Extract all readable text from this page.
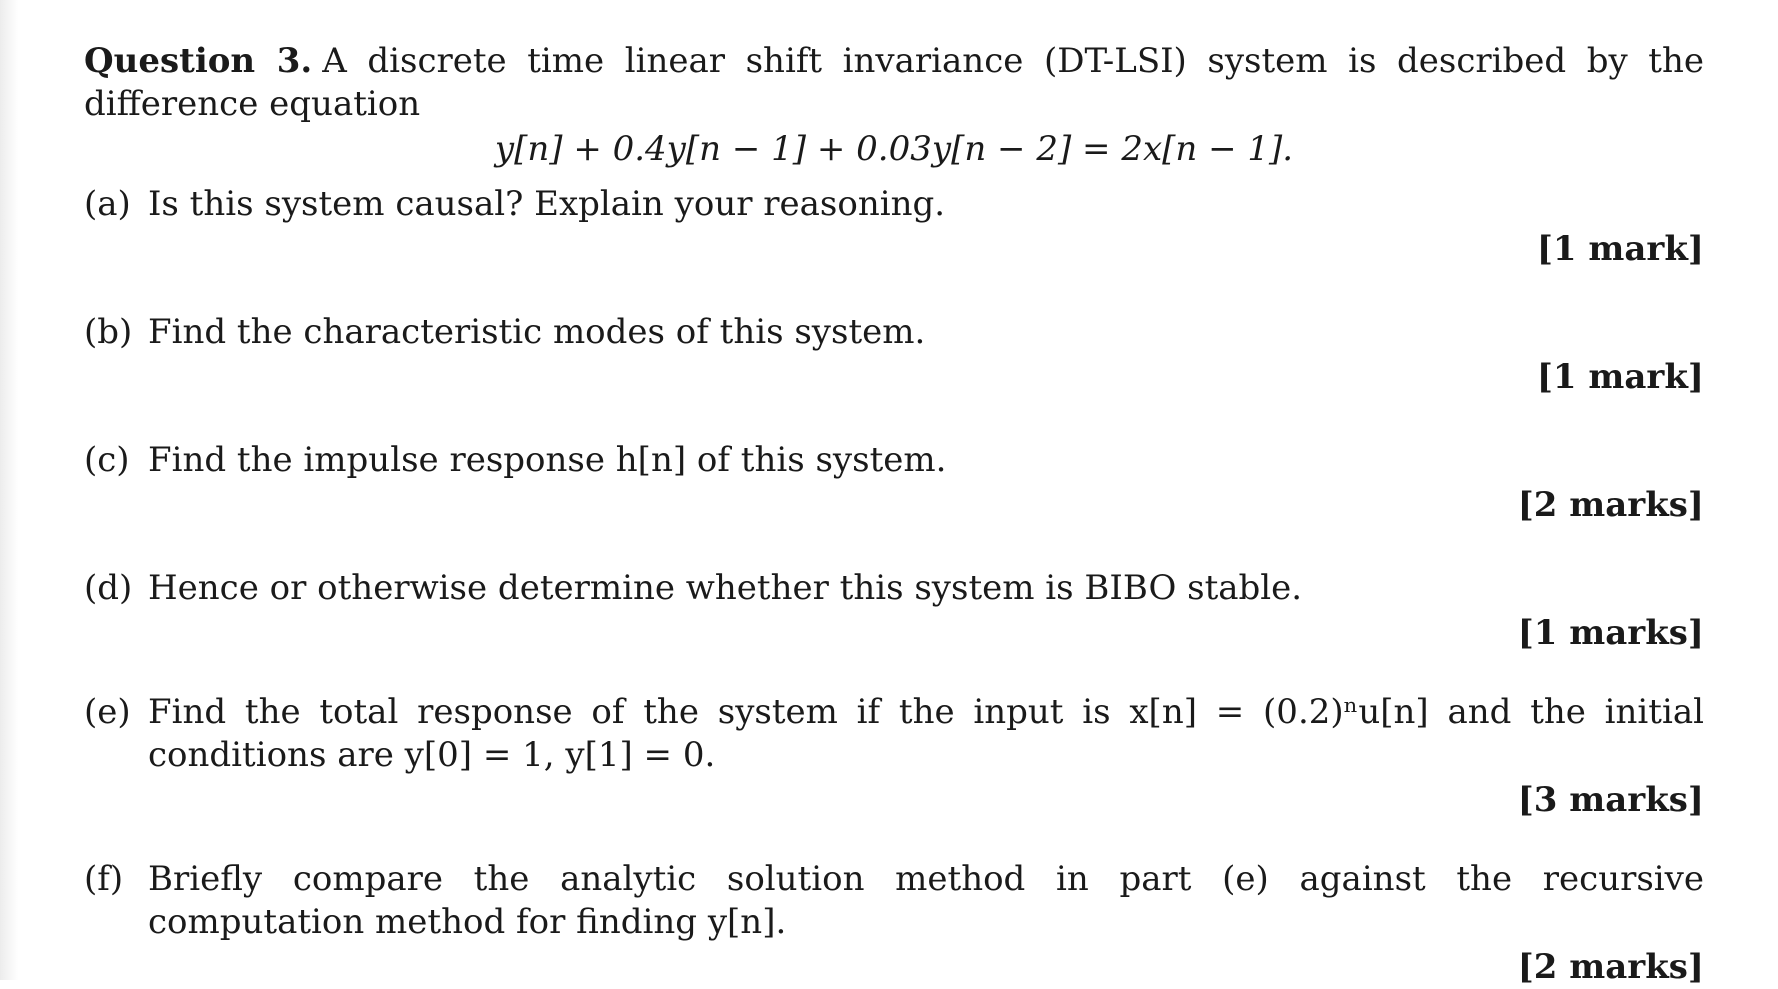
Question 3. A discrete time linear shift invariance (DT-LSI) system is described by the difference equation
y[n] + 0.4y[n − 1] + 0.03y[n − 2] = 2x[n − 1].
(a) Is this system causal? Explain your reasoning.
[1 mark]
(b) Find the characteristic modes of this system.
[1 mark]
(c) Find the impulse response h[n] of this system.
[2 marks]
(d) Hence or otherwise determine whether this system is BIBO stable.
[1 marks]
(e) Find the total response of the system if the input is x[n] = (0.2)ⁿu[n] and the initial conditions are y[0] = 1, y[1] = 0.
[3 marks]
(f) Briefly compare the analytic solution method in part (e) against the recursive computation method for finding y[n].
[2 marks]
